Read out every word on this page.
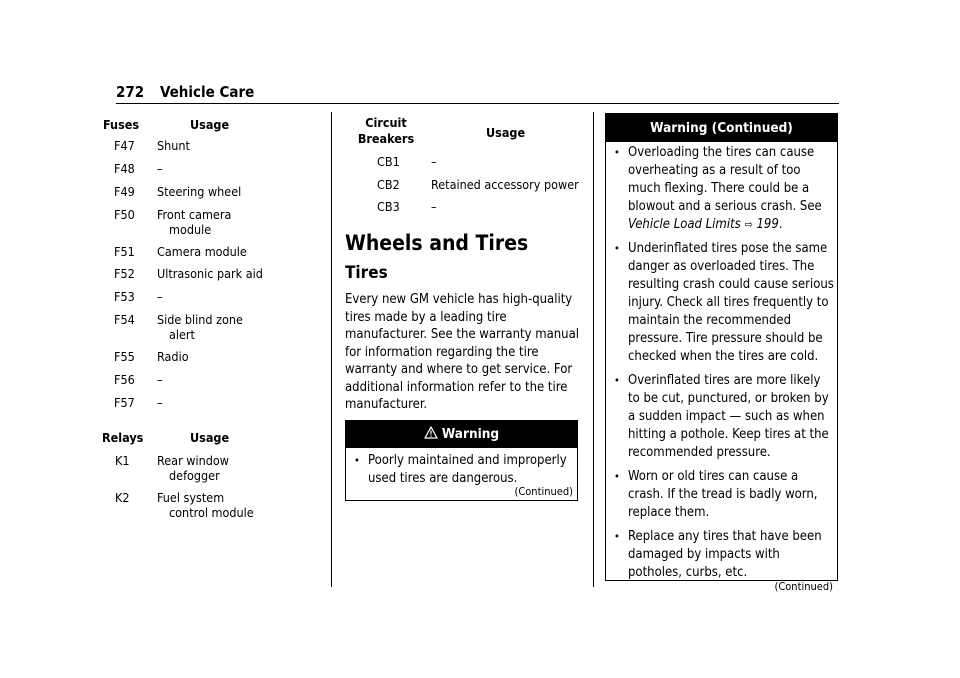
272 Vehicle Care
Fuses	Usage
F47 Shunt
F48 –
F49 Steering wheel
F50 Front camera
module
F51 Camera module
F52 Ultrasonic park aid
F53 –
F54 Side blind zone
alert
F55 Radio
F56 –
F57 –
Relays	Usage
K1 Rear window
defogger
K2 Fuel system
control module
Circuit
Breakers	Usage
CB1	–
CB2	Retained accessory power
CB3	–
Wheels and Tires
Tires
Every new GM vehicle has high-quality
tires made by a leading tire
manufacturer. See the warranty manual
for information regarding the tire
warranty and where to get service. For
additional information refer to the tire
manufacturer.
Warning
• Poorly maintained and improperly
used tires are dangerous.
(Continued)
Warning (Continued)
• Overloading the tires can cause
overheating as a result of too
much flexing. There could be a
blowout and a serious crash. See
Vehicle Load Limits ⇨ 199.
• Underinflated tires pose the same
danger as overloaded tires. The
resulting crash could cause serious
injury. Check all tires frequently to
maintain the recommended
pressure. Tire pressure should be
checked when the tires are cold.
• Overinflated tires are more likely
to be cut, punctured, or broken by
a sudden impact — such as when
hitting a pothole. Keep tires at the
recommended pressure.
• Worn or old tires can cause a
crash. If the tread is badly worn,
replace them.
• Replace any tires that have been
damaged by impacts with
potholes, curbs, etc.
(Continued)
